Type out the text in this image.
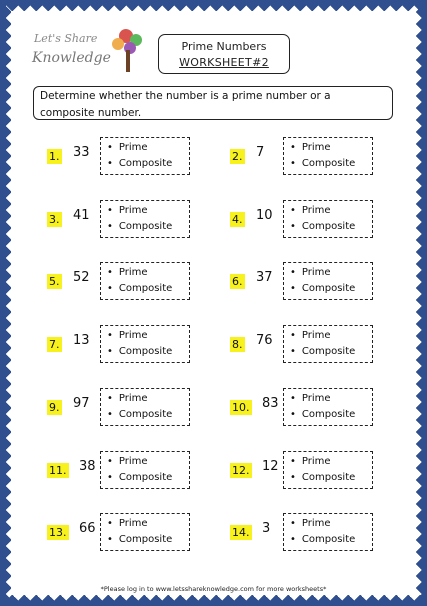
Let's Share
Knowledge
Prime Numbers
WORKSHEET#2
Determine whether the number is a prime number or a composite number.
1. 33	• Prime
• Composite
2. 7	• Prime
• Composite
3. 41	• Prime
• Composite
4. 10	• Prime
• Composite
5. 52	• Prime
• Composite
6. 37	• Prime
• Composite
7. 13	• Prime
• Composite
8. 76	• Prime
• Composite
9. 97	• Prime
• Composite
10. 83	• Prime
• Composite
11. 38	• Prime
• Composite
12. 12	• Prime
• Composite
13. 66	• Prime
• Composite
14. 3	• Prime
• Composite
*Please log in to www.letsshareknowledge.com for more worksheets*
